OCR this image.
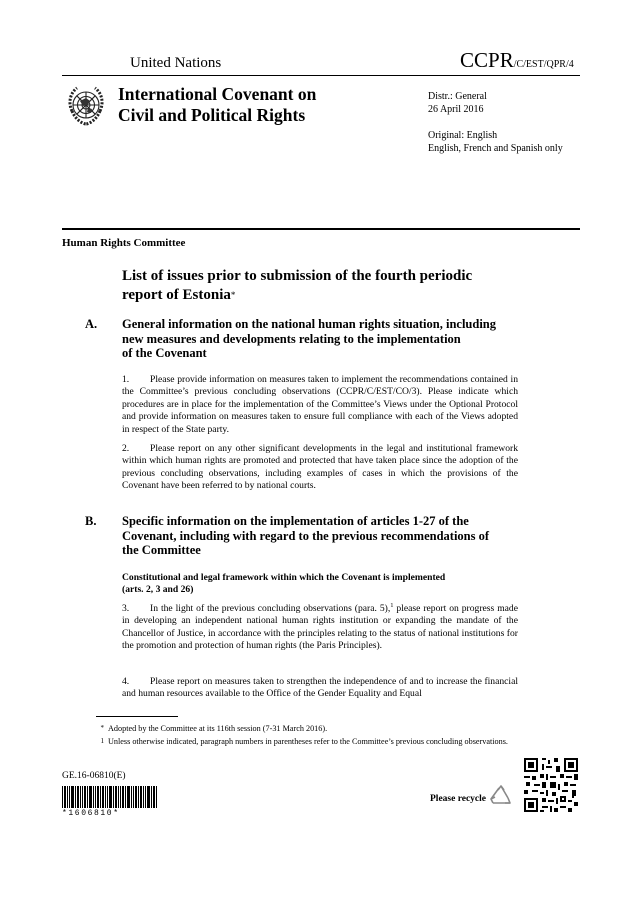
United Nations	CCPR/C/EST/QPR/4
International Covenant on
Civil and Political Rights
Distr.: General
26 April 2016
Original: English
English, French and Spanish only
Human Rights Committee
List of issues prior to submission of the fourth periodic
report of Estonia*
A. General information on the national human rights situation, including
new measures and developments relating to the implementation
of the Covenant
1. Please provide information on measures taken to implement the recommendations contained in the Committee’s previous concluding observations (CCPR/C/EST/CO/3). Please indicate which procedures are in place for the implementation of the Committee’s Views under the Optional Protocol and provide information on measures taken to ensure full compliance with each of the Views adopted in respect of the State party.
2. Please report on any other significant developments in the legal and institutional framework within which human rights are promoted and protected that have taken place since the adoption of the previous concluding observations, including examples of cases in which the provisions of the Covenant have been referred to by national courts.
B. Specific information on the implementation of articles 1-27 of the
Covenant, including with regard to the previous recommendations of
the Committee
Constitutional and legal framework within which the Covenant is implemented
(arts. 2, 3 and 26)
3. In the light of the previous concluding observations (para. 5),$^1$ please report on progress made in developing an independent national human rights institution or expanding the mandate of the Chancellor of Justice, in accordance with the principles relating to the status of national institutions for the promotion and protection of human rights (the Paris Principles).
4. Please report on measures taken to strengthen the independence of and to increase the financial and human resources available to the Office of the Gender Equality and Equal
* Adopted by the Committee at its 116th session (7-31 March 2016).
1 Unless otherwise indicated, paragraph numbers in parentheses refer to the Committee’s previous concluding observations.
GE.16-06810(E)
*1606810*
Please recycle
